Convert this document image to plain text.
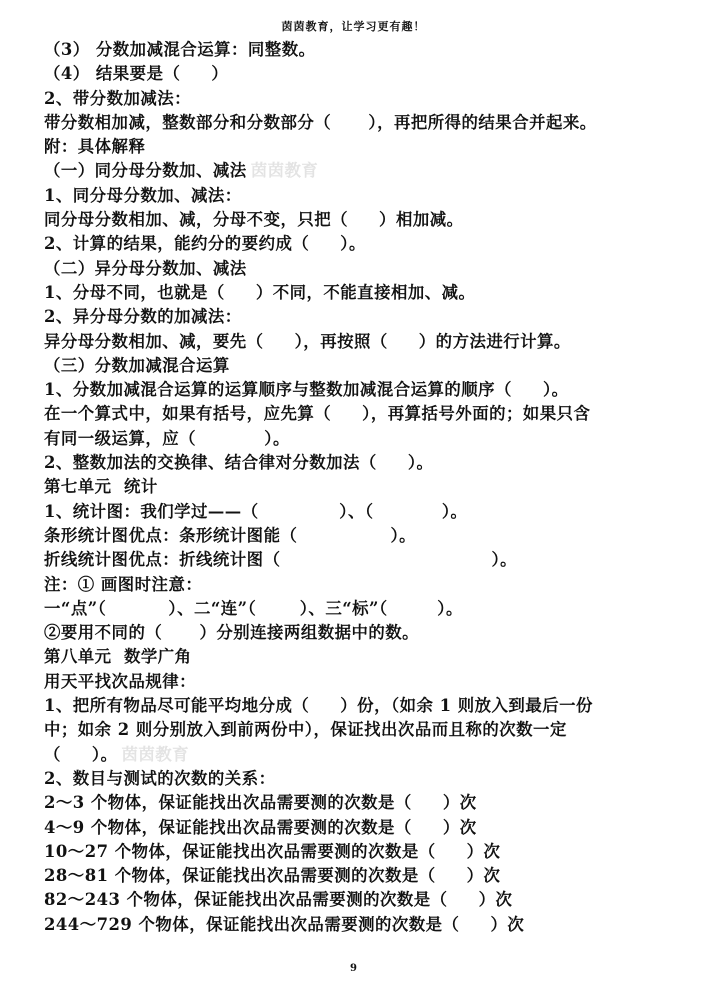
茵茵教育，让学习更有趣！
（3） 分数加减混合运算：同整数。
（4） 结果要是（     ）
2、带分数加减法：
带分数相加减，整数部分和分数部分（      ），再把所得的结果合并起来。
附：具体解释
（一）同分母分数加、减法 茵茵教育
1、同分母分数加、减法：
同分母分数相加、减，分母不变，只把（     ）相加减。
2、计算的结果，能约分的要约成（     ）。
（二）异分母分数加、减法
1、分母不同，也就是（     ）不同，不能直接相加、减。
2、异分母分数的加减法：
异分母分数相加、减，要先（     ），再按照（     ）的方法进行计算。
（三）分数加减混合运算
1、分数加减混合运算的运算顺序与整数加减混合运算的顺序（     ）。
在一个算式中，如果有括号，应先算（     ），再算括号外面的；如果只含
有同一级运算，应（           ）。
2、整数加法的交换律、结合律对分数加法（     ）。
第七单元  统计
1、统计图：我们学过——（             ）、（           ）。
条形统计图优点：条形统计图能（               ）。
折线统计图优点：折线统计图（                                  ）。
注：① 画图时注意：
一“点”（          ）、二“连”（       ）、三“标”（        ）。
②要用不同的（      ）分别连接两组数据中的数。
第八单元  数学广角
用天平找次品规律：
1、把所有物品尽可能平均地分成（     ）份，（如余 1 则放入到最后一份
中；如余 2 则分别放入到前两份中），保证找出次品而且称的次数一定
（     ）。 茵茵教育
2、数目与测试的次数的关系：
2～3 个物体，保证能找出次品需要测的次数是（     ）次
4～9 个物体，保证能找出次品需要测的次数是（     ）次
10～27 个物体，保证能找出次品需要测的次数是（     ）次
28～81 个物体，保证能找出次品需要测的次数是（     ）次
82～243 个物体，保证能找出次品需要测的次数是（     ）次
244～729 个物体，保证能找出次品需要测的次数是（     ）次
9
